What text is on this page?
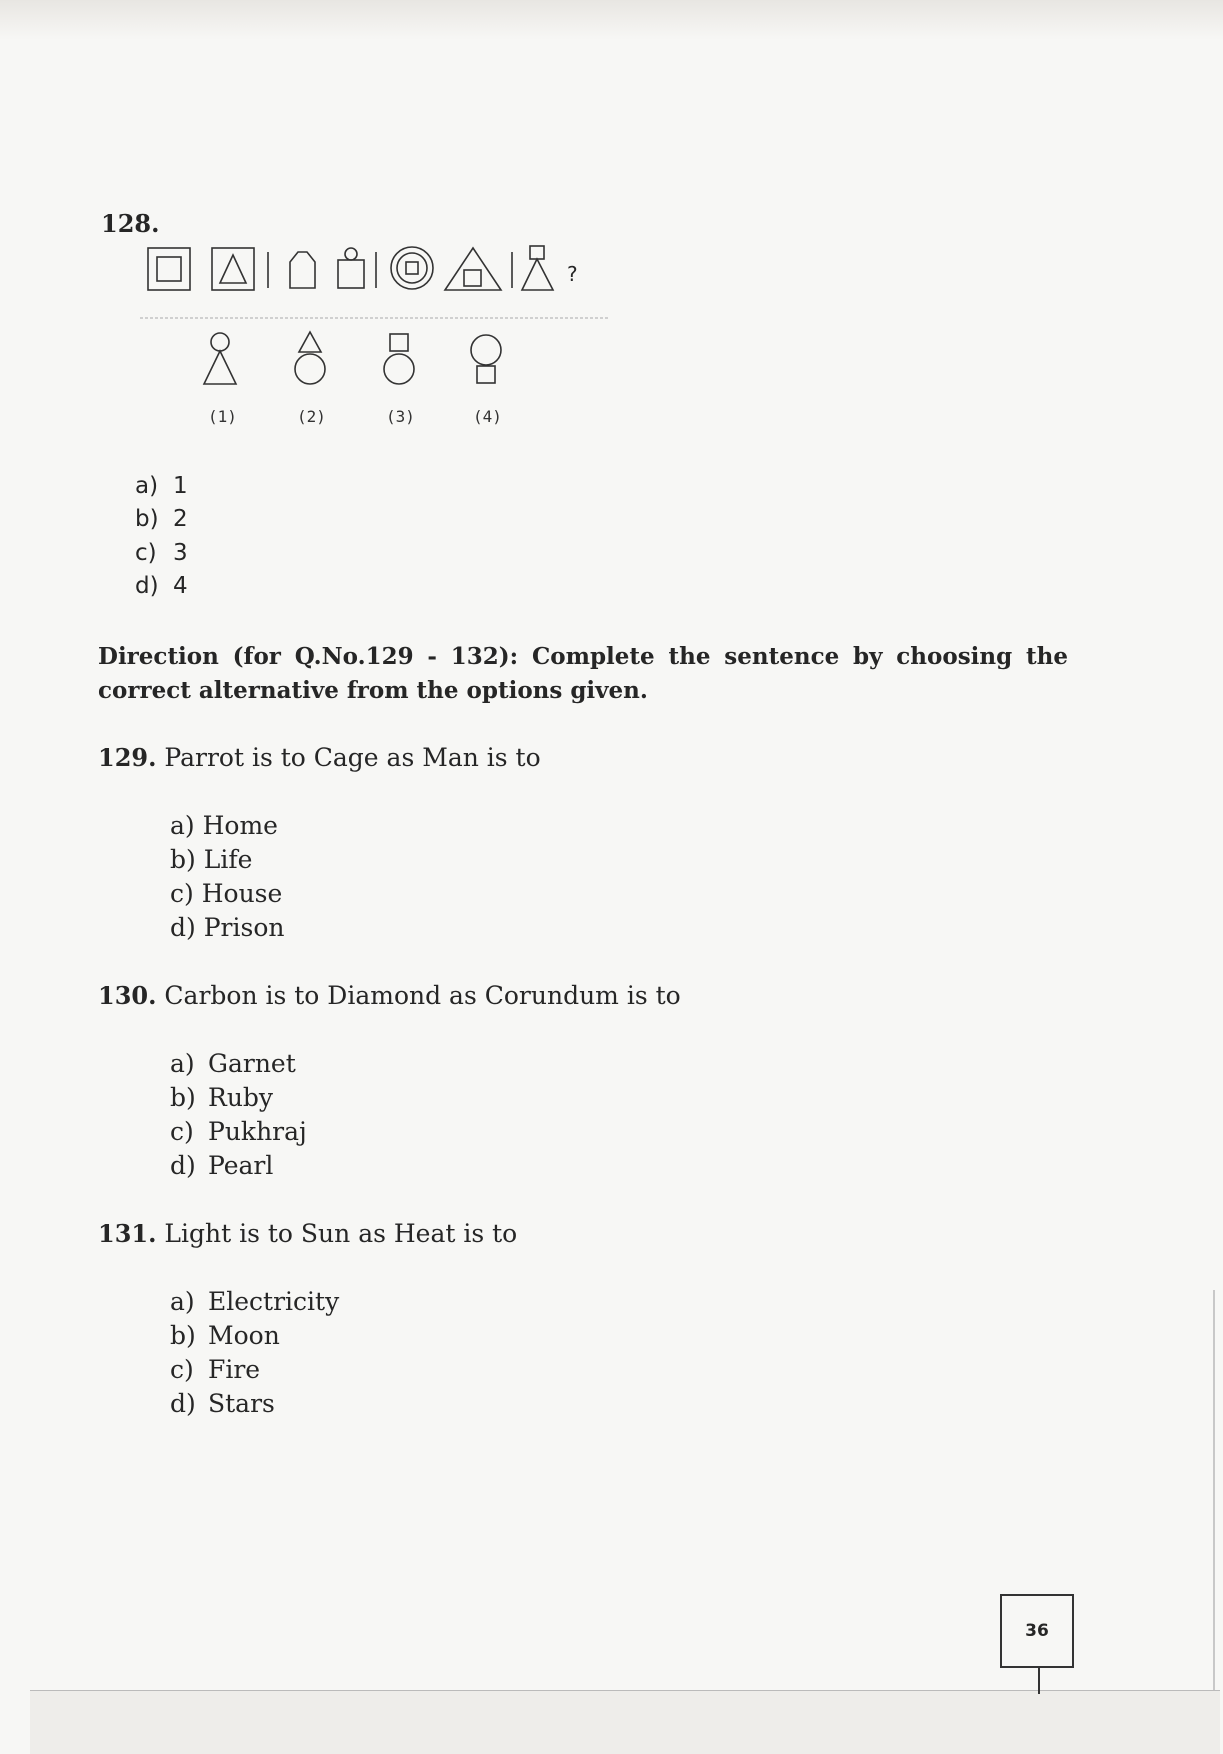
128.
?
(1)	(2)	(3)	(4)
a) 1
b) 2
c) 3
d) 4
Direction (for Q.No.129 - 132): Complete the sentence by choosing the correct alternative from the options given.
129. Parrot is to Cage as Man is to
a) Home
b) Life
c) House
d) Prison
130. Carbon is to Diamond as Corundum is to
a) Garnet
b) Ruby
c) Pukhraj
d) Pearl
131. Light is to Sun as Heat is to
a) Electricity
b) Moon
c) Fire
d) Stars
36
